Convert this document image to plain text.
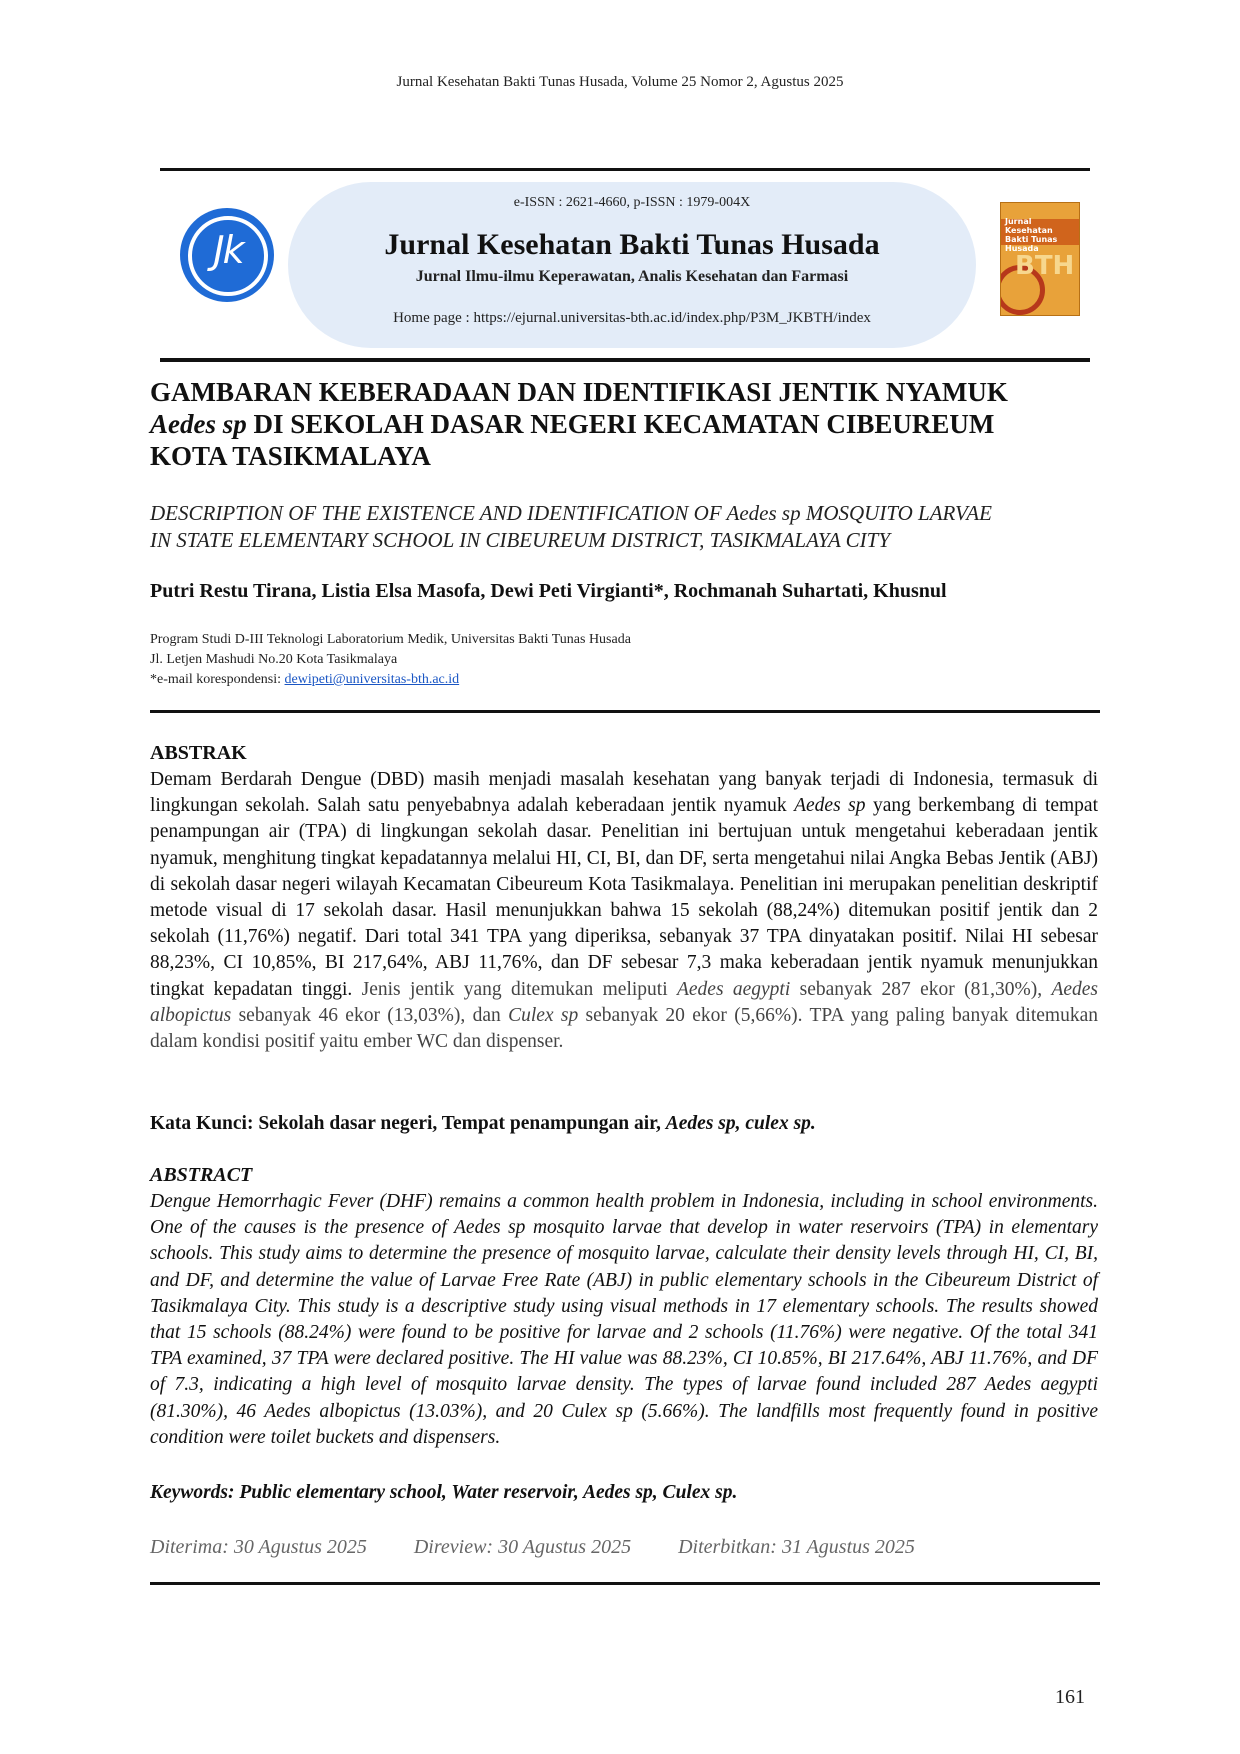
Jurnal Kesehatan Bakti Tunas Husada, Volume 25 Nomor 2, Agustus 2025
Jk
e-ISSN : 2621-4660, p-ISSN : 1979-004X
Jurnal Kesehatan Bakti Tunas Husada
Jurnal Ilmu-ilmu Keperawatan, Analis Kesehatan dan Farmasi
Home page : https://ejurnal.universitas-bth.ac.id/index.php/P3M_JKBTH/index
Jurnal Kesehatan Bakti Tunas Husada
BTH
GAMBARAN KEBERADAAN DAN IDENTIFIKASI JENTIK NYAMUK
Aedes sp DI SEKOLAH DASAR NEGERI KECAMATAN CIBEUREUM
KOTA TASIKMALAYA
DESCRIPTION OF THE EXISTENCE AND IDENTIFICATION OF Aedes sp MOSQUITO LARVAE
IN STATE ELEMENTARY SCHOOL IN CIBEUREUM DISTRICT, TASIKMALAYA CITY
Putri Restu Tirana, Listia Elsa Masofa, Dewi Peti Virgianti*, Rochmanah Suhartati, Khusnul
Program Studi D-III Teknologi Laboratorium Medik, Universitas Bakti Tunas Husada
Jl. Letjen Mashudi No.20 Kota Tasikmalaya
*e-mail korespondensi: dewipeti@universitas-bth.ac.id
ABSTRAK
Demam Berdarah Dengue (DBD) masih menjadi masalah kesehatan yang banyak terjadi di Indonesia, termasuk di lingkungan sekolah. Salah satu penyebabnya adalah keberadaan jentik nyamuk Aedes sp yang berkembang di tempat penampungan air (TPA) di lingkungan sekolah dasar. Penelitian ini bertujuan untuk mengetahui keberadaan jentik nyamuk, menghitung tingkat kepadatannya melalui HI, CI, BI, dan DF, serta mengetahui nilai Angka Bebas Jentik (ABJ) di sekolah dasar negeri wilayah Kecamatan Cibeureum Kota Tasikmalaya. Penelitian ini merupakan penelitian deskriptif metode visual di 17 sekolah dasar. Hasil menunjukkan bahwa 15 sekolah (88,24%) ditemukan positif jentik dan 2 sekolah (11,76%) negatif. Dari total 341 TPA yang diperiksa, sebanyak 37 TPA dinyatakan positif. Nilai HI sebesar 88,23%, CI 10,85%, BI 217,64%, ABJ 11,76%, dan DF sebesar 7,3 maka keberadaan jentik nyamuk menunjukkan tingkat kepadatan tinggi. Jenis jentik yang ditemukan meliputi Aedes aegypti sebanyak 287 ekor (81,30%), Aedes albopictus sebanyak 46 ekor (13,03%), dan Culex sp sebanyak 20 ekor (5,66%). TPA yang paling banyak ditemukan dalam kondisi positif yaitu ember WC dan dispenser.
Kata Kunci: Sekolah dasar negeri, Tempat penampungan air, Aedes sp, culex sp.
ABSTRACT
Dengue Hemorrhagic Fever (DHF) remains a common health problem in Indonesia, including in school environments. One of the causes is the presence of Aedes sp mosquito larvae that develop in water reservoirs (TPA) in elementary schools. This study aims to determine the presence of mosquito larvae, calculate their density levels through HI, CI, BI, and DF, and determine the value of Larvae Free Rate (ABJ) in public elementary schools in the Cibeureum District of Tasikmalaya City. This study is a descriptive study using visual methods in 17 elementary schools. The results showed that 15 schools (88.24%) were found to be positive for larvae and 2 schools (11.76%) were negative. Of the total 341 TPA examined, 37 TPA were declared positive. The HI value was 88.23%, CI 10.85%, BI 217.64%, ABJ 11.76%, and DF of 7.3, indicating a high level of mosquito larvae density. The types of larvae found included 287 Aedes aegypti (81.30%), 46 Aedes albopictus (13.03%), and 20 Culex sp (5.66%). The landfills most frequently found in positive condition were toilet buckets and dispensers.
Keywords: Public elementary school, Water reservoir, Aedes sp, Culex sp.
Diterima: 30 Agustus 2025 Direview: 30 Agustus 2025 Diterbitkan: 31 Agustus 2025
161
